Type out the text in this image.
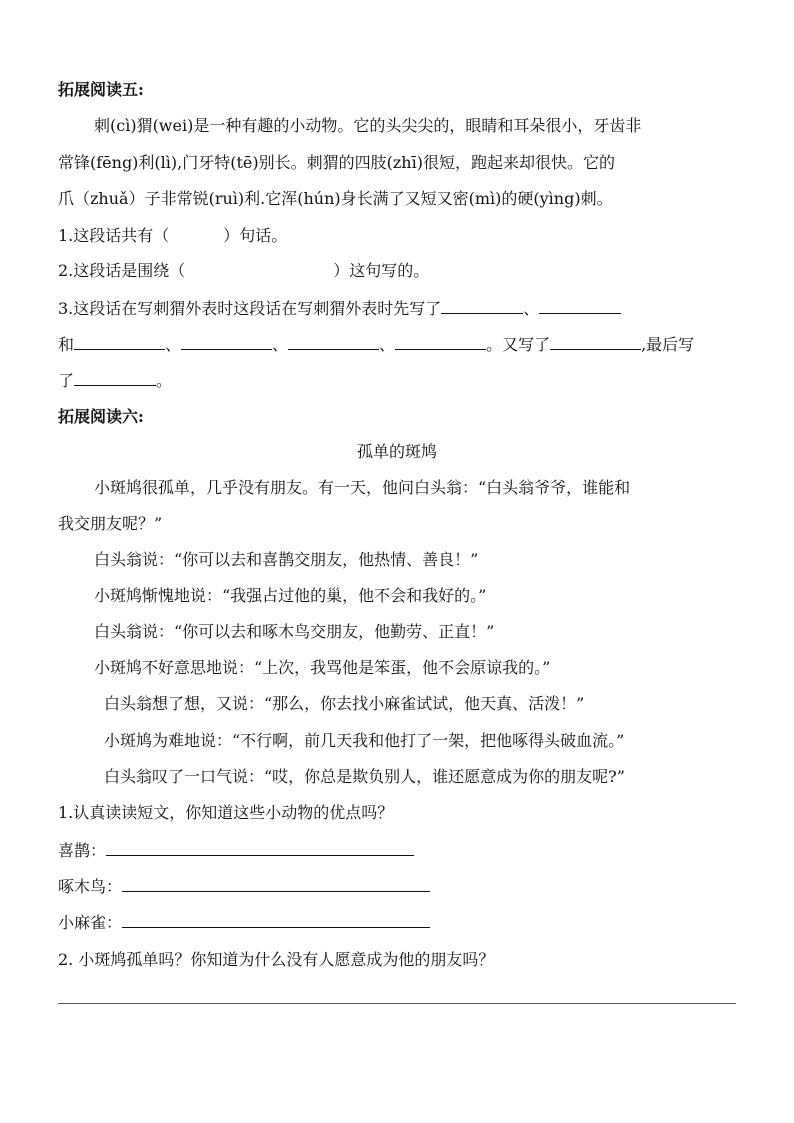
拓展阅读五:
刺(cì)猬(wei)是一种有趣的小动物。它的头尖尖的，眼睛和耳朵很小，牙齿非
常锋(fēng)利(lì),门牙特(tē)别长。刺猬的四肢(zhī)很短，跑起来却很快。它的
爪（zhuǎ）子非常锐(ruì)利.它浑(hún)身长满了又短又密(mì)的硬(yìng)刺。
1.这段话共有（	）句话。
2.这段话是围绕（	）这句写的。
3.这段话在写刺猬外表时这段话在写刺猬外表时先写了	、
和	、	、	、	。又写了	,最后写
了	。
拓展阅读六:
孤单的斑鸠
小斑鸠很孤单，几乎没有朋友。有一天，他问白头翁：“白头翁爷爷，谁能和
我交朋友呢？”
白头翁说：“你可以去和喜鹊交朋友，他热情、善良！”
小斑鸠惭愧地说：“我强占过他的巢，他不会和我好的。”
白头翁说：“你可以去和啄木鸟交朋友，他勤劳、正直！”
小斑鸠不好意思地说：“上次，我骂他是笨蛋，他不会原谅我的。”
白头翁想了想，又说：“那么，你去找小麻雀试试，他天真、活泼！”
小斑鸠为难地说：“不行啊，前几天我和他打了一架，把他啄得头破血流。”
白头翁叹了一口气说：“哎，你总是欺负别人，谁还愿意成为你的朋友呢?”
1.认真读读短文，你知道这些小动物的优点吗？
喜鹊：
啄木鸟：
小麻雀：
2. 小斑鸠孤单吗？你知道为什么没有人愿意成为他的朋友吗？
